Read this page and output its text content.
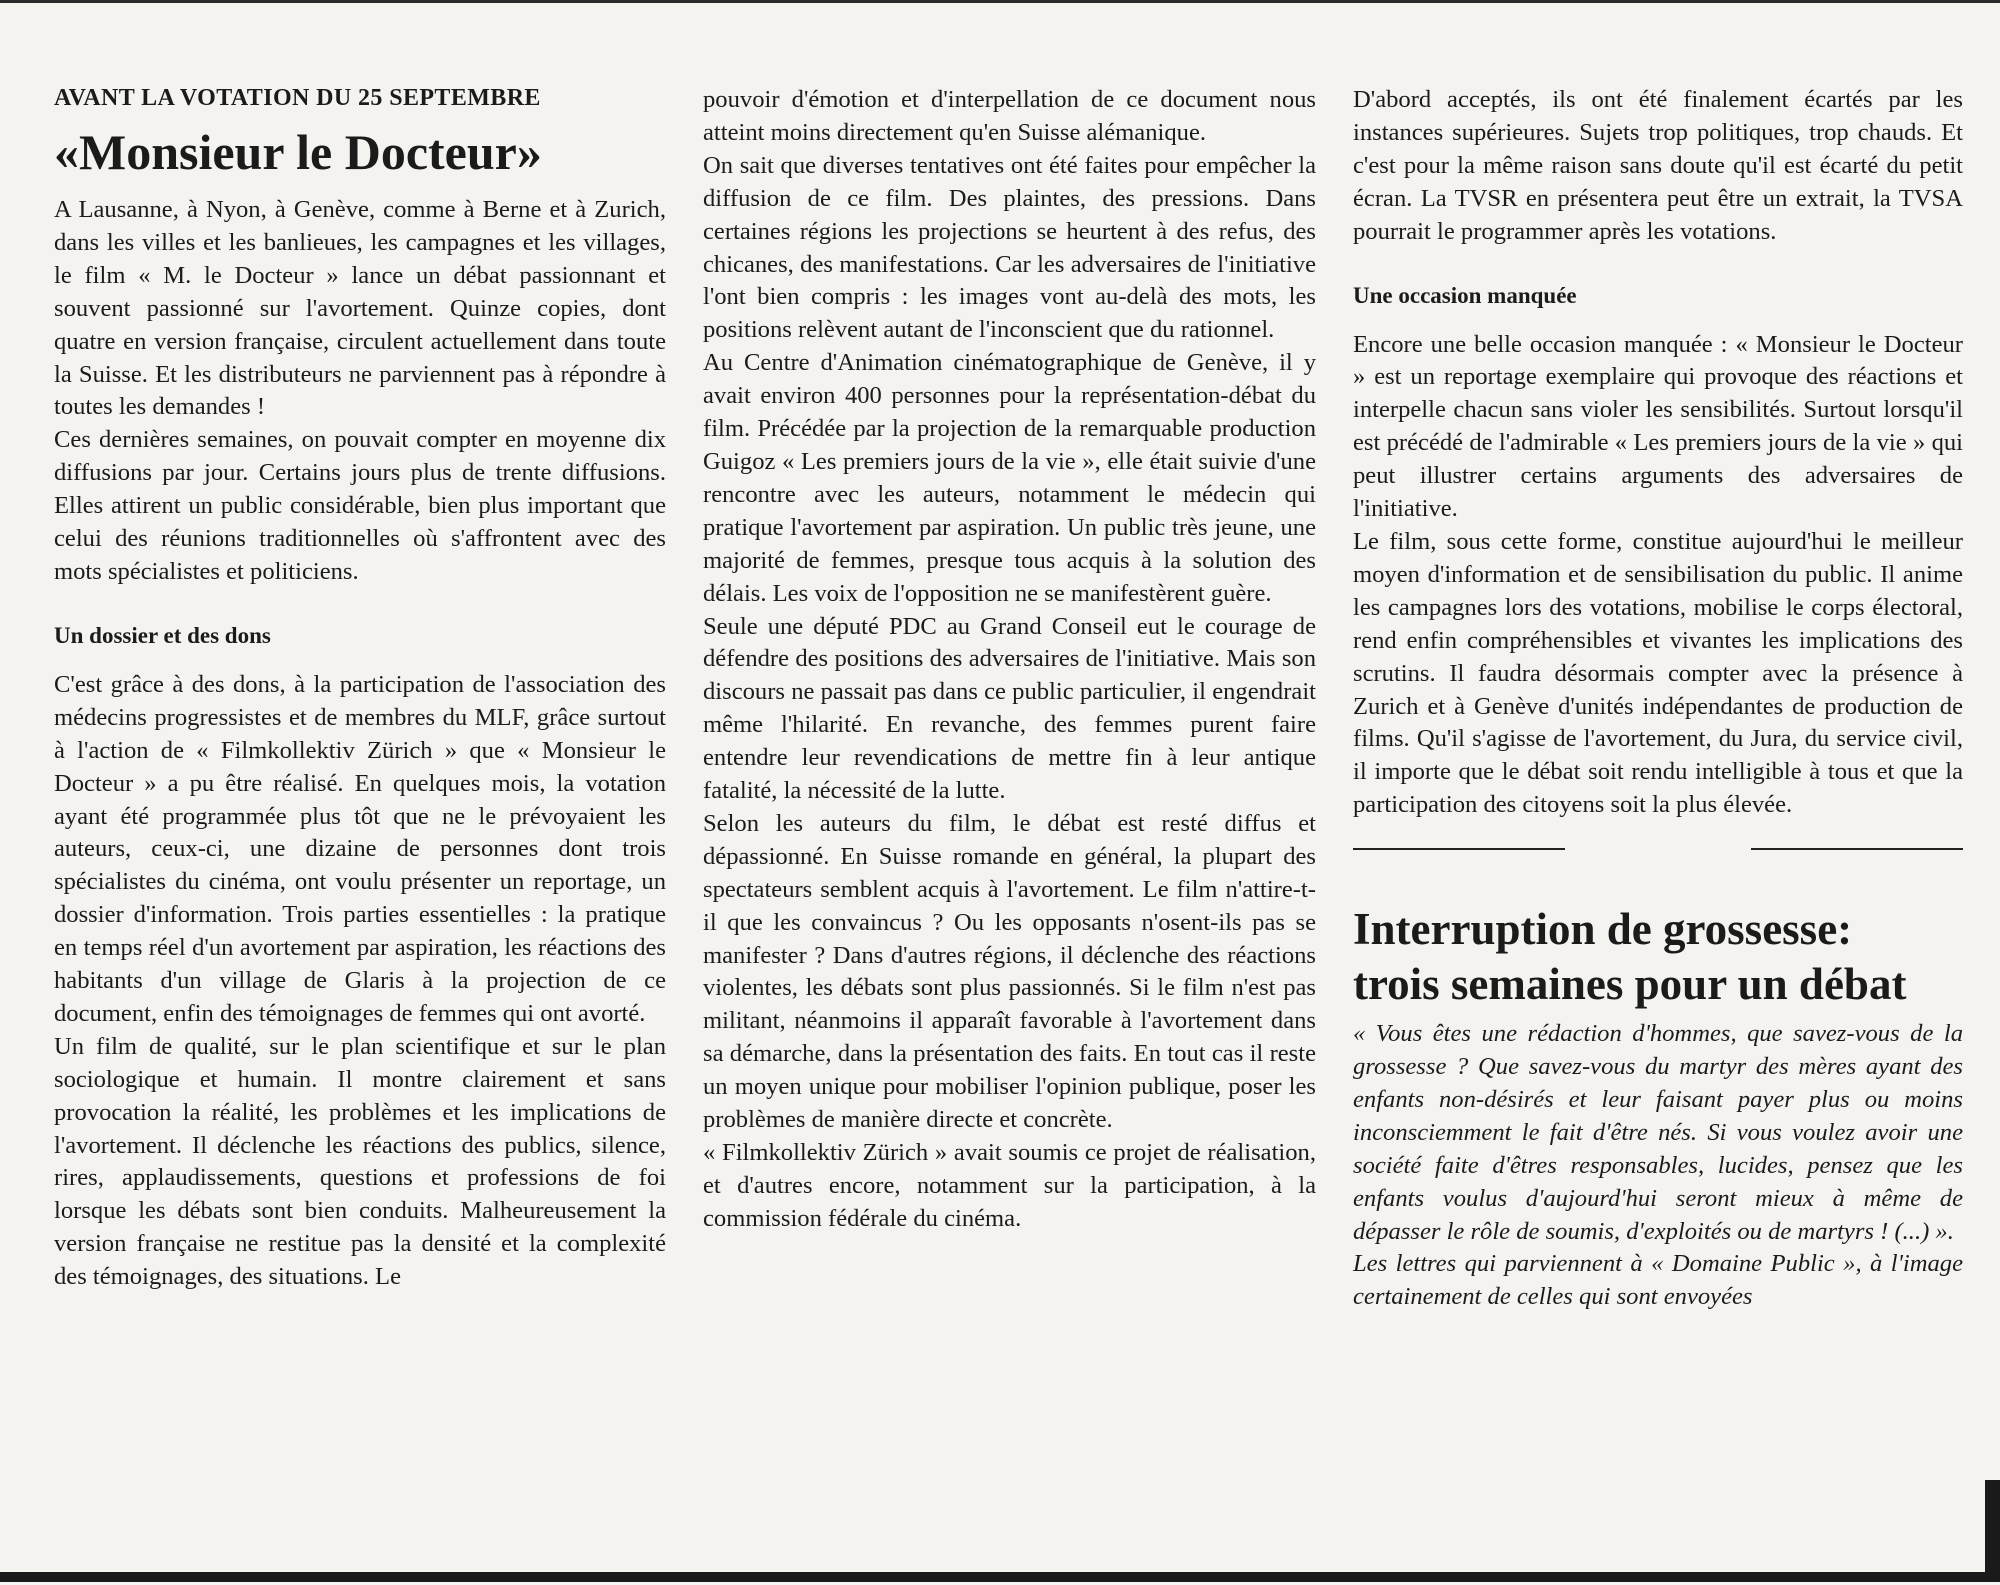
AVANT LA VOTATION DU 25 SEPTEMBRE
«Monsieur le Docteur»

A Lausanne, à Nyon, à Genève, comme à Berne et à Zurich, dans les villes et les banlieues, les campagnes et les villages, le film « M. le Docteur » lance un débat passionnant et souvent passionné sur l'avortement. Quinze copies, dont quatre en version française, circulent actuellement dans toute la Suisse. Et les distributeurs ne parviennent pas à répondre à toutes les demandes !

Ces dernières semaines, on pouvait compter en moyenne dix diffusions par jour. Certains jours plus de trente diffusions. Elles attirent un public considérable, bien plus important que celui des réunions traditionnelles où s'affrontent avec des mots spécialistes et politiciens.

Un dossier et des dons

C'est grâce à des dons, à la participation de l'association des médecins progressistes et de membres du MLF, grâce surtout à l'action de « Filmkollektiv Zürich » que « Monsieur le Docteur » a pu être réalisé. En quelques mois, la votation ayant été programmée plus tôt que ne le prévoyaient les auteurs, ceux-ci, une dizaine de personnes dont trois spécialistes du cinéma, ont voulu présenter un reportage, un dossier d'information. Trois parties essentielles : la pratique en temps réel d'un avortement par aspiration, les réactions des habitants d'un village de Glaris à la projection de ce document, enfin des témoignages de femmes qui ont avorté.

Un film de qualité, sur le plan scientifique et sur le plan sociologique et humain. Il montre clairement et sans provocation la réalité, les problèmes et les implications de l'avortement. Il déclenche les réactions des publics, silence, rires, applaudissements, questions et professions de foi lorsque les débats sont bien conduits. Malheureusement la version française ne restitue pas la densité et la complexité des témoignages, des situations. Le

pouvoir d'émotion et d'interpellation de ce document nous atteint moins directement qu'en Suisse alémanique.

On sait que diverses tentatives ont été faites pour empêcher la diffusion de ce film. Des plaintes, des pressions. Dans certaines régions les projections se heurtent à des refus, des chicanes, des manifestations. Car les adversaires de l'initiative l'ont bien compris : les images vont au-delà des mots, les positions relèvent autant de l'inconscient que du rationnel.

Au Centre d'Animation cinématographique de Genève, il y avait environ 400 personnes pour la représentation-débat du film. Précédée par la projection de la remarquable production Guigoz « Les premiers jours de la vie », elle était suivie d'une rencontre avec les auteurs, notamment le médecin qui pratique l'avortement par aspiration. Un public très jeune, une majorité de femmes, presque tous acquis à la solution des délais. Les voix de l'opposition ne se manifestèrent guère.

Seule une député PDC au Grand Conseil eut le courage de défendre des positions des adversaires de l'initiative. Mais son discours ne passait pas dans ce public particulier, il engendrait même l'hilarité. En revanche, des femmes purent faire entendre leur revendications de mettre fin à leur antique fatalité, la nécessité de la lutte.

Selon les auteurs du film, le débat est resté diffus et dépassionné. En Suisse romande en général, la plupart des spectateurs semblent acquis à l'avortement. Le film n'attire-t-il que les convaincus ? Ou les opposants n'osent-ils pas se manifester ? Dans d'autres régions, il déclenche des réactions violentes, les débats sont plus passionnés. Si le film n'est pas militant, néanmoins il apparaît favorable à l'avortement dans sa démarche, dans la présentation des faits. En tout cas il reste un moyen unique pour mobiliser l'opinion publique, poser les problèmes de manière directe et concrète.

« Filmkollektiv Zürich » avait soumis ce projet de réalisation, et d'autres encore, notamment sur la participation, à la commission fédérale du cinéma.

D'abord acceptés, ils ont été finalement écartés par les instances supérieures. Sujets trop politiques, trop chauds. Et c'est pour la même raison sans doute qu'il est écarté du petit écran. La TVSR en présentera peut être un extrait, la TVSA pourrait le programmer après les votations.

Une occasion manquée

Encore une belle occasion manquée : « Monsieur le Docteur » est un reportage exemplaire qui provoque des réactions et interpelle chacun sans violer les sensibilités. Surtout lorsqu'il est précédé de l'admirable « Les premiers jours de la vie » qui peut illustrer certains arguments des adversaires de l'initiative.

Le film, sous cette forme, constitue aujourd'hui le meilleur moyen d'information et de sensibilisation du public. Il anime les campagnes lors des votations, mobilise le corps électoral, rend enfin compréhensibles et vivantes les implications des scrutins. Il faudra désormais compter avec la présence à Zurich et à Genève d'unités indépendantes de production de films. Qu'il s'agisse de l'avortement, du Jura, du service civil, il importe que le débat soit rendu intelligible à tous et que la participation des citoyens soit la plus élevée.

Interruption de grossesse:
trois semaines pour un débat

« Vous êtes une rédaction d'hommes, que savez-vous de la grossesse ? Que savez-vous du martyr des mères ayant des enfants non-désirés et leur faisant payer plus ou moins inconsciemment le fait d'être nés. Si vous voulez avoir une société faite d'êtres responsables, lucides, pensez que les enfants voulus d'aujourd'hui seront mieux à même de dépasser le rôle de soumis, d'exploités ou de martyrs ! (...) ».

Les lettres qui parviennent à « Domaine Public », à l'image certainement de celles qui sont envoyées
